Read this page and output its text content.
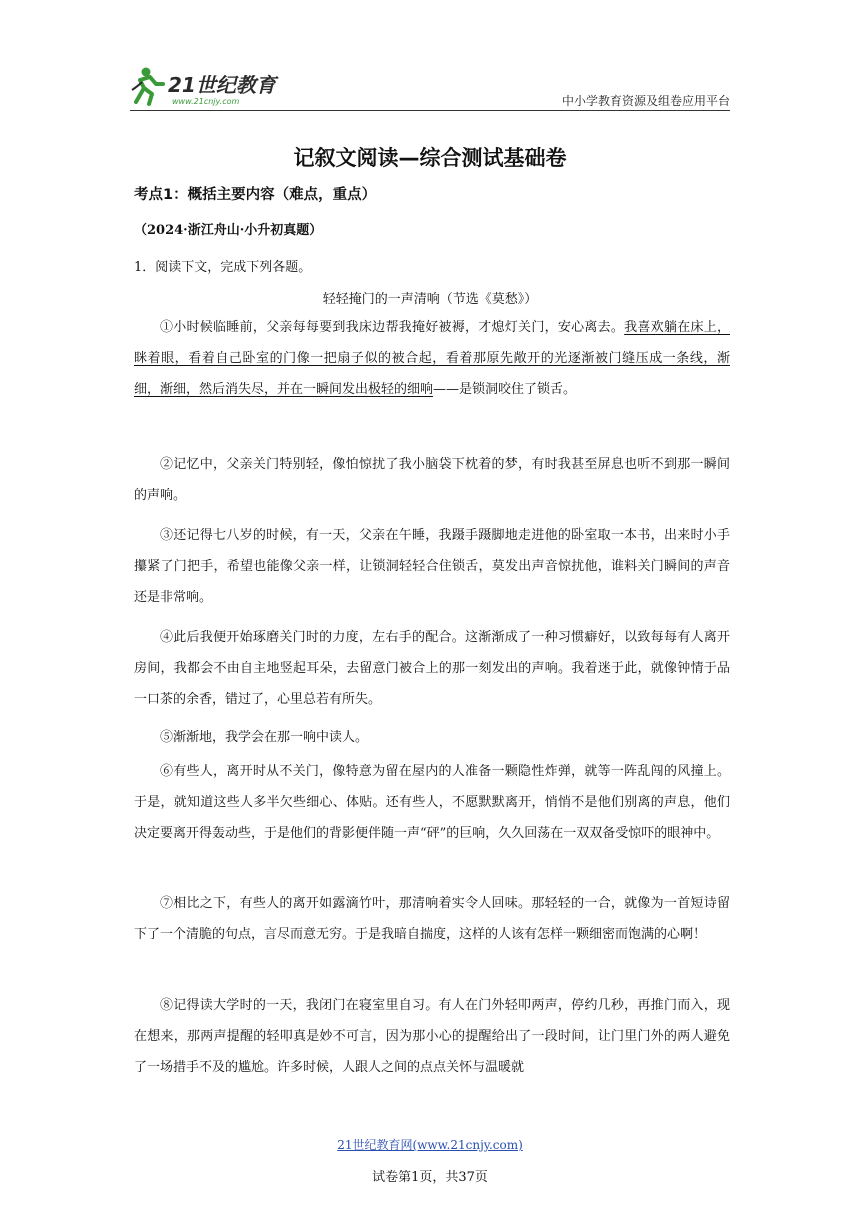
21世纪教育
www.21cnjy.com	中小学教育资源及组卷应用平台
记叙文阅读—综合测试基础卷
考点1：概括主要内容（难点，重点）
（2024·浙江舟山·小升初真题）
1．阅读下文，完成下列各题。
轻轻掩门的一声清响（节选《莫愁》）

①小时候临睡前，父亲每每要到我床边帮我掩好被褥，才熄灯关门，安心离去。我喜欢躺在床上，眯着眼，看着自己卧室的门像一把扇子似的被合起，看着那原先敞开的光逐渐被门缝压成一条线，渐细，渐细，然后消失尽，并在一瞬间发出极轻的细响——是锁洞咬住了锁舌。

②记忆中，父亲关门特别轻，像怕惊扰了我小脑袋下枕着的梦，有时我甚至屏息也听不到那一瞬间的声响。

③还记得七八岁的时候，有一天，父亲在午睡，我蹑手蹑脚地走进他的卧室取一本书，出来时小手攥紧了门把手，希望也能像父亲一样，让锁洞轻轻合住锁舌，莫发出声音惊扰他，谁料关门瞬间的声音还是非常响。

④此后我便开始琢磨关门时的力度，左右手的配合。这渐渐成了一种习惯癖好，以致每每有人离开房间，我都会不由自主地竖起耳朵，去留意门被合上的那一刻发出的声响。我着迷于此，就像钟情于品一口茶的余香，错过了，心里总若有所失。

⑤渐渐地，我学会在那一响中读人。

⑥有些人，离开时从不关门，像特意为留在屋内的人准备一颗隐性炸弹，就等一阵乱闯的风撞上。于是，就知道这些人多半欠些细心、体贴。还有些人，不愿默默离开，悄悄不是他们别离的声息，他们决定要离开得轰动些，于是他们的背影便伴随一声“砰”的巨响，久久回荡在一双双备受惊吓的眼神中。

⑦相比之下，有些人的离开如露滴竹叶，那清响着实令人回味。那轻轻的一合，就像为一首短诗留下了一个清脆的句点，言尽而意无穷。于是我暗自揣度，这样的人该有怎样一颗细密而饱满的心啊！

⑧记得读大学时的一天，我闭门在寝室里自习。有人在门外轻叩两声，停约几秒，再推门而入，现在想来，那两声提醒的轻叩真是妙不可言，因为那小心的提醒给出了一段时间，让门里门外的两人避免了一场措手不及的尴尬。许多时候，人跟人之间的点点关怀与温暖就

21世纪教育网(www.21cnjy.com)
试卷第1页，共37页
